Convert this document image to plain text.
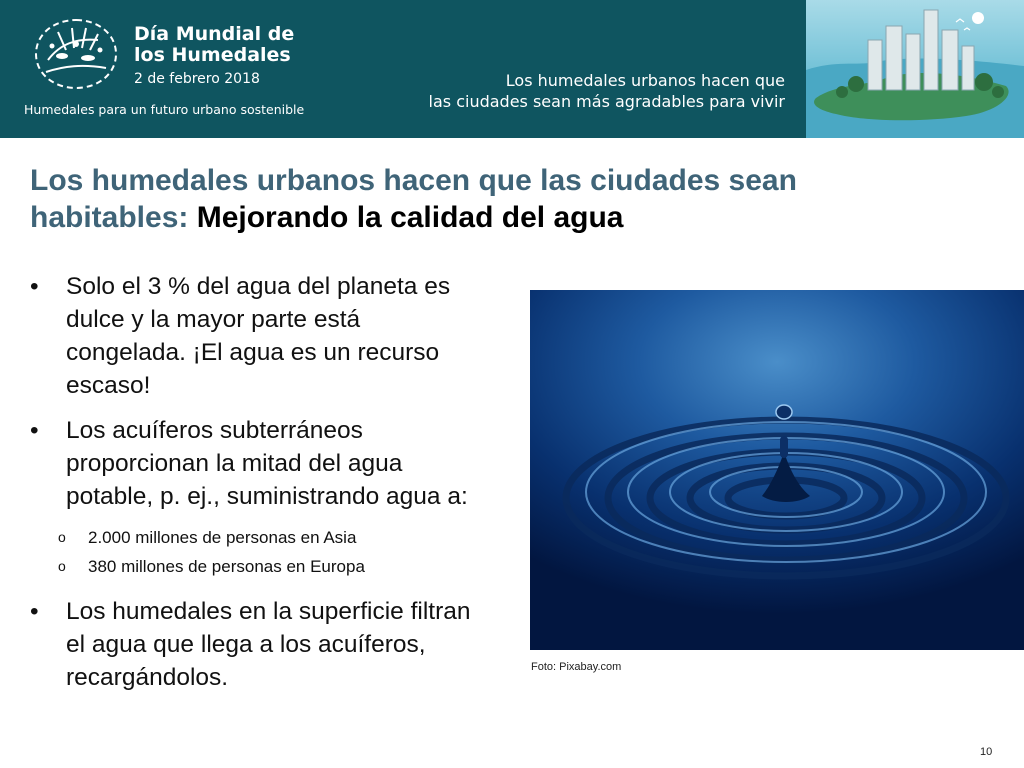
Día Mundial de los Humedales
2 de febrero 2018
Humedales para un futuro urbano sostenible
Los humedales urbanos hacen que
las ciudades sean más agradables para vivir
Los humedales urbanos hacen que las ciudades sean habitables: Mejorando la calidad del agua
• Solo el 3 % del agua del planeta es dulce y la mayor parte está congelada. ¡El agua es un recurso escaso!
• Los acuíferos subterráneos proporcionan la mitad del agua potable, p. ej., suministrando agua a:
o 2.000 millones de personas en Asia
o 380 millones de personas en Europa
• Los humedales en la superficie filtran el agua que llega a los acuíferos, recargándolos.	Foto: Pixabay.com
10
